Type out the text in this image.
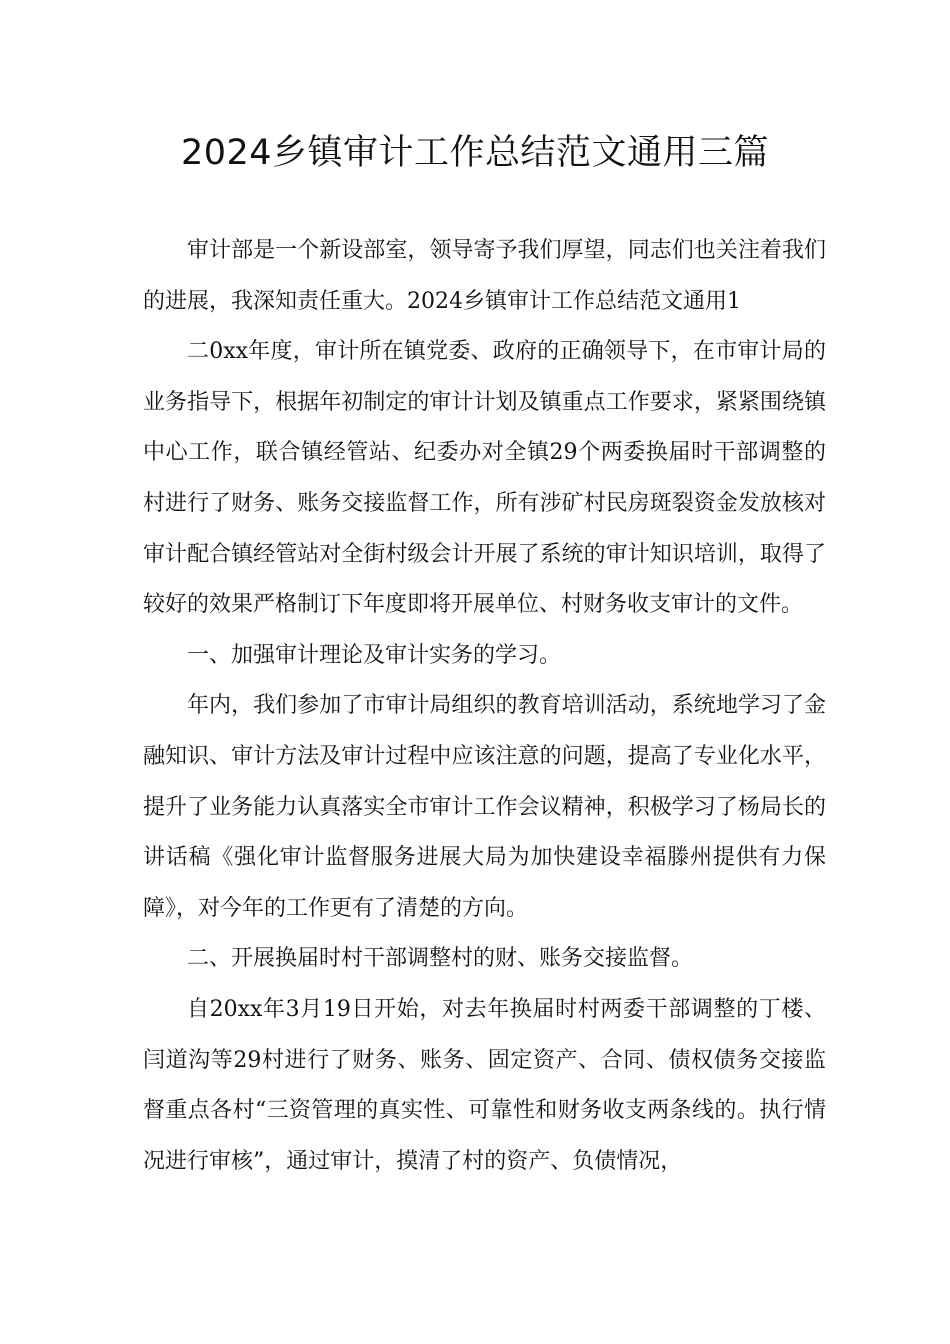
2024乡镇审计工作总结范文通用三篇

审计部是一个新设部室，领导寄予我们厚望，同志们也关注着我们的进展，我深知责任重大。2024乡镇审计工作总结范文通用1

二0xx年度，审计所在镇党委、政府的正确领导下，在市审计局的业务指导下，根据年初制定的审计计划及镇重点工作要求，紧紧围绕镇中心工作，联合镇经管站、纪委办对全镇29个两委换届时干部调整的村进行了财务、账务交接监督工作，所有涉矿村民房斑裂资金发放核对审计配合镇经管站对全街村级会计开展了系统的审计知识培训，取得了较好的效果严格制订下年度即将开展单位、村财务收支审计的文件。

一、加强审计理论及审计实务的学习。

年内，我们参加了市审计局组织的教育培训活动，系统地学习了金融知识、审计方法及审计过程中应该注意的问题，提高了专业化水平，提升了业务能力认真落实全市审计工作会议精神，积极学习了杨局长的讲话稿《强化审计监督服务进展大局为加快建设幸福滕州提供有力保障》，对今年的工作更有了清楚的方向。

二、开展换届时村干部调整村的财、账务交接监督。

自20xx年3月19日开始，对去年换届时村两委干部调整的丁楼、闫道沟等29村进行了财务、账务、固定资产、合同、债权债务交接监督重点各村“三资管理的真实性、可靠性和财务收支两条线的。执行情况进行审核”，通过审计，摸清了村的资产、负债情况，
